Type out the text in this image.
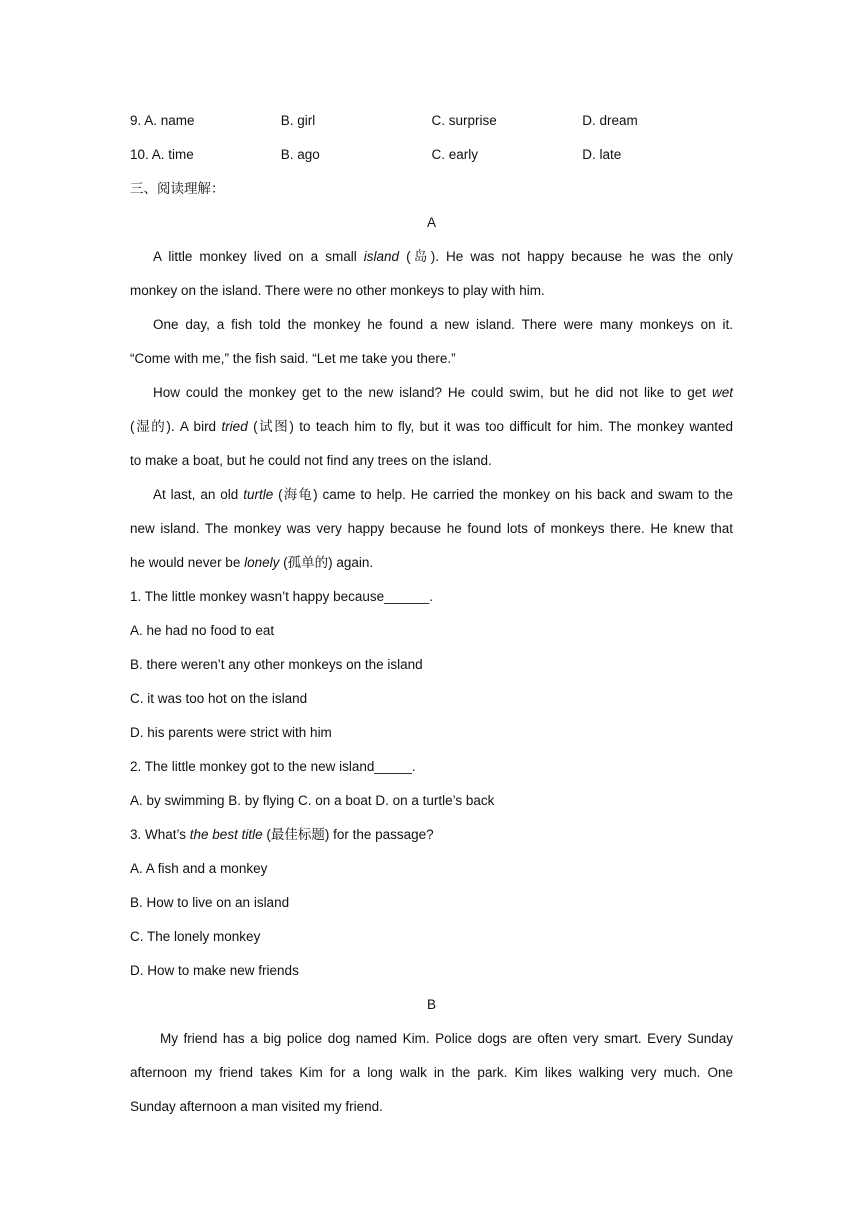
9. A. name	B. girl	C. surprise	D. dream
10. A. time	B. ago	C. early	D. late
三、阅读理解：
A
A little monkey lived on a small island (岛). He was not happy because he was the only
monkey on the island. There were no other monkeys to play with him.
One day, a fish told the monkey he found a new island. There were many monkeys on it.
“Come with me,” the fish said. “Let me take you there.”
How could the monkey get to the new island? He could swim, but he did not like to get wet
(湿的). A bird tried (试图) to teach him to fly, but it was too difficult for him. The monkey wanted
to make a boat, but he could not find any trees on the island.
At last, an old turtle (海龟) came to help. He carried the monkey on his back and swam to the
new island. The monkey was very happy because he found lots of monkeys there. He knew that
he would never be lonely (孤单的) again.
1. The little monkey wasn’t happy because______.
A. he had no food to eat
B. there weren’t any other monkeys on the island
C. it was too hot on the island
D. his parents were strict with him
2. The little monkey got to the new island_____.
A. by swimming B. by flying C. on a boat D. on a turtle’s back
3. What’s the best title (最佳标题) for the passage?
A. A fish and a monkey
B. How to live on an island
C. The lonely monkey
D. How to make new friends
B
My friend has a big police dog named Kim. Police dogs are often very smart. Every Sunday
afternoon my friend takes Kim for a long walk in the park. Kim likes walking very much. One
Sunday afternoon a man visited my friend.
